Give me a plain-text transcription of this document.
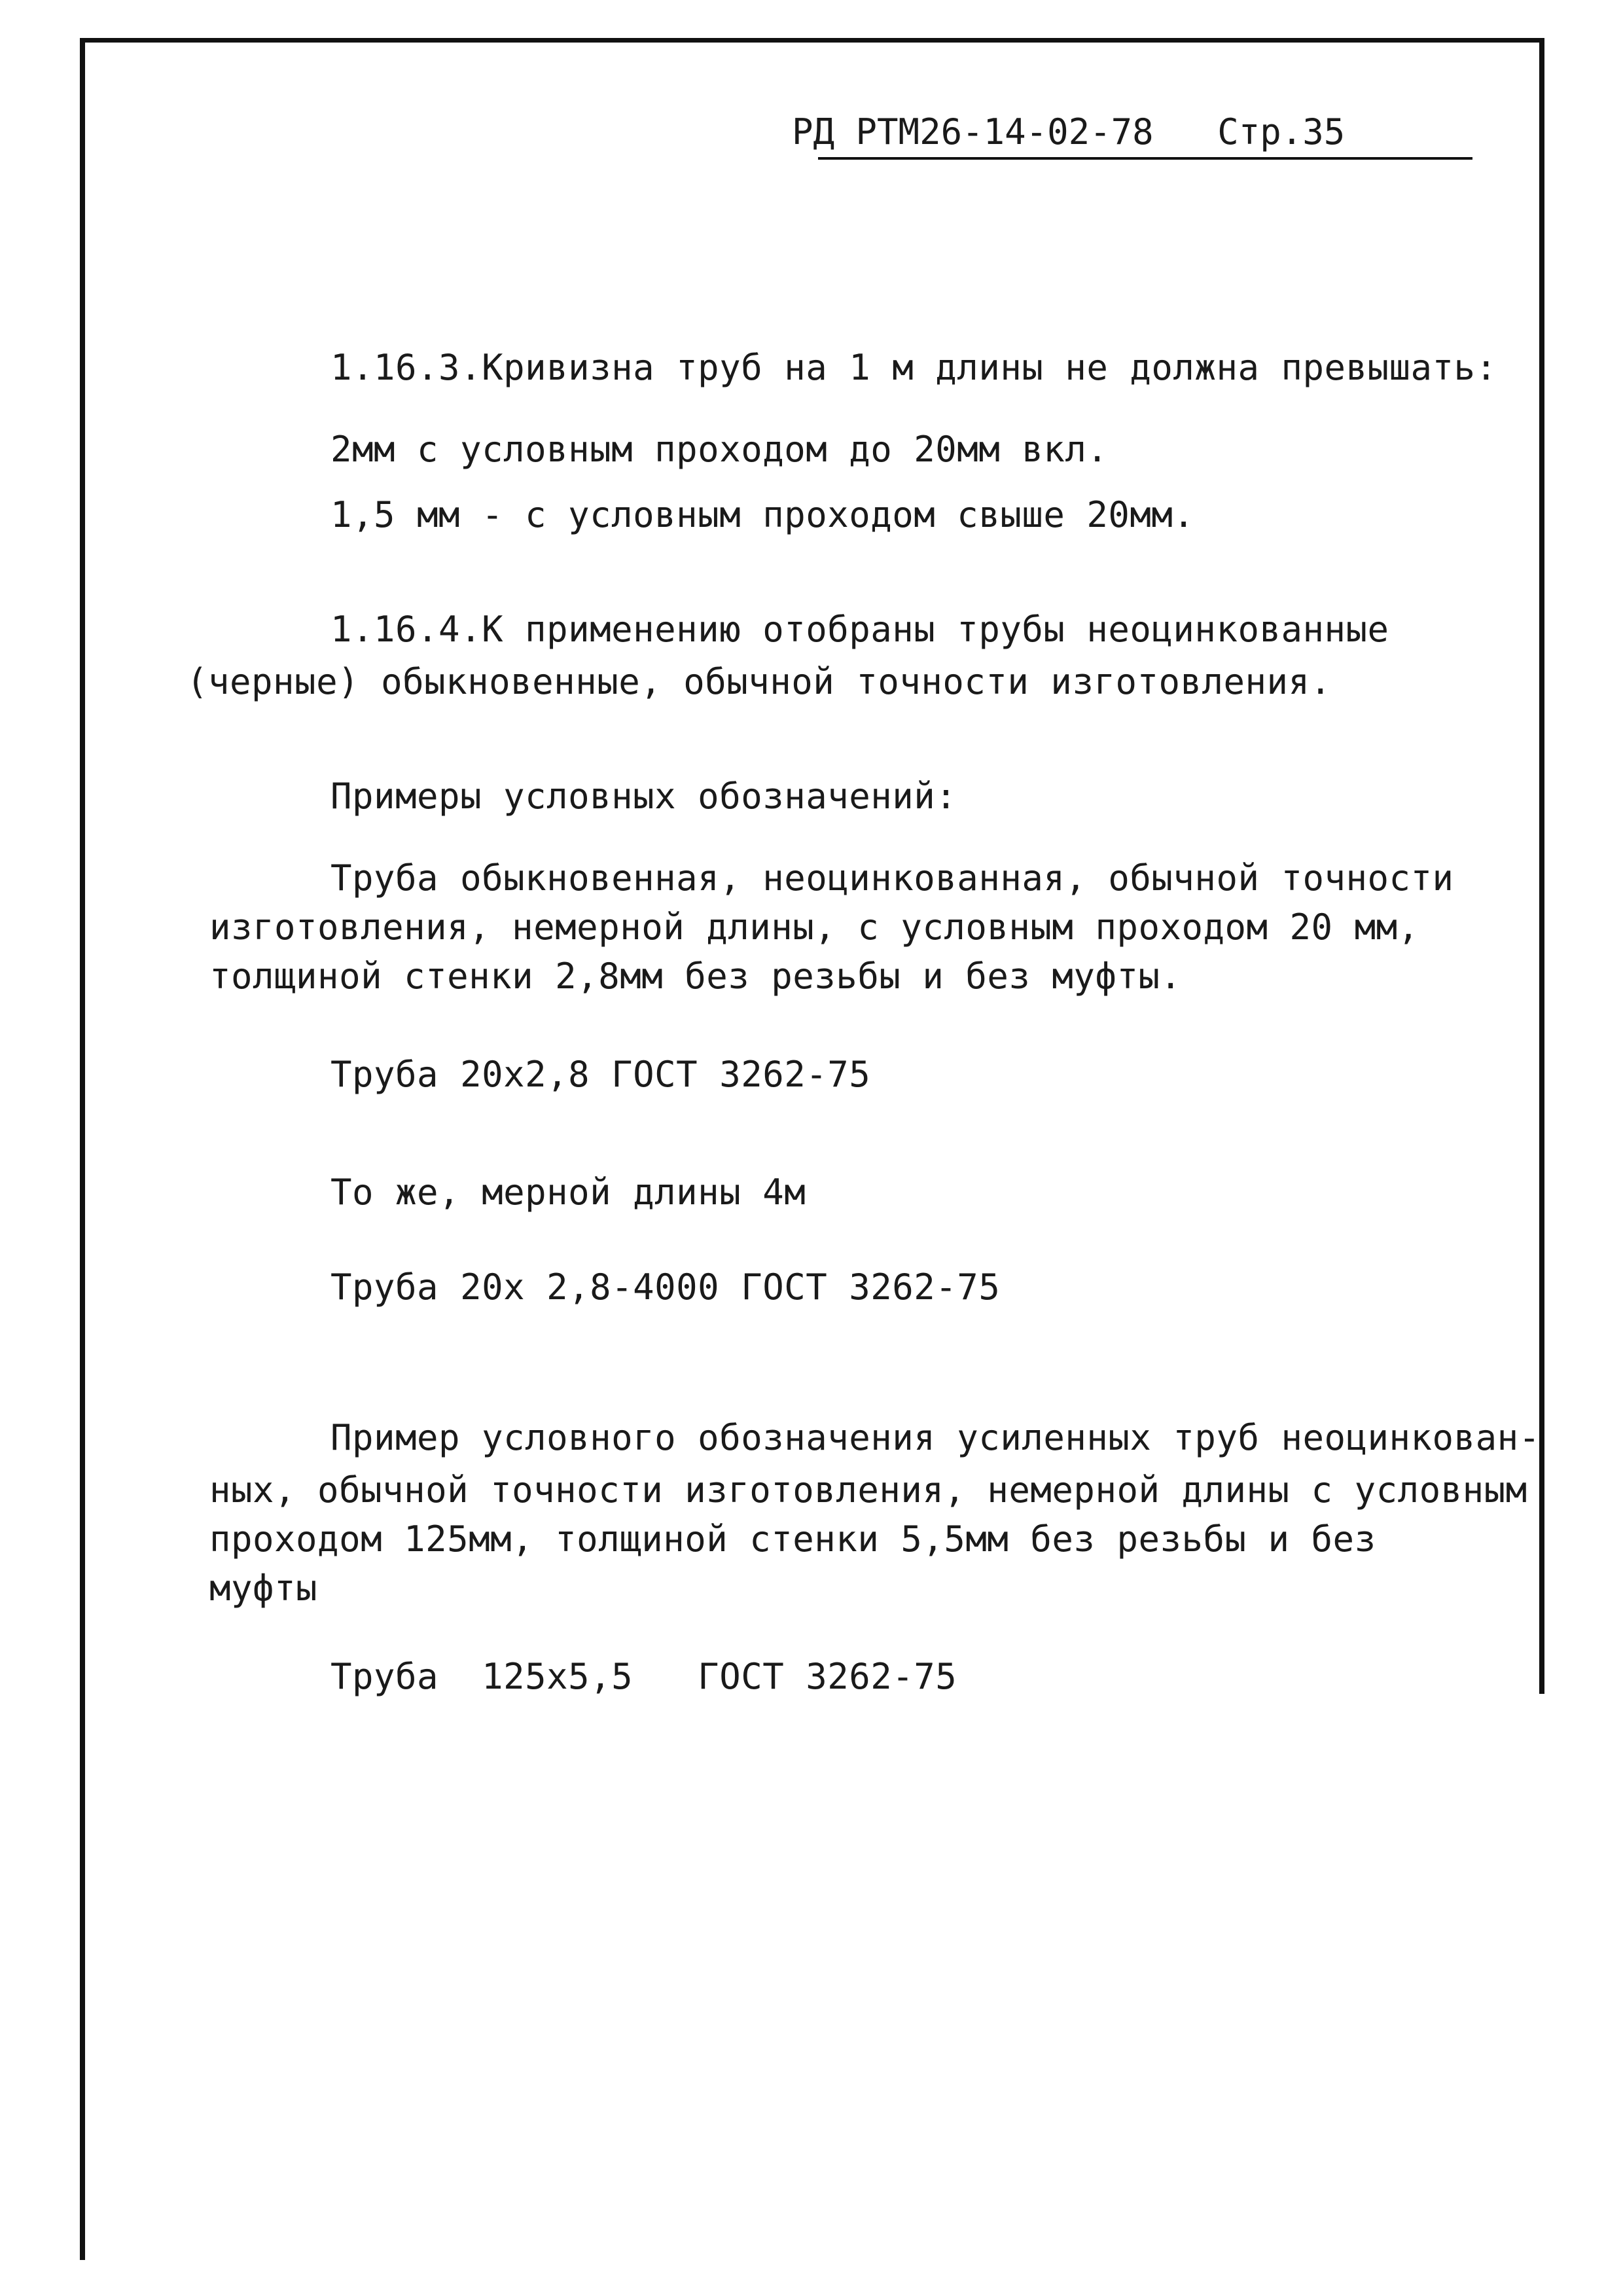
РД РТМ26-14-02-78 Стр.35
1.16.3.Кривизна труб на 1 м длины не должна превышать:
2мм с условным проходом до 20мм вкл.
1,5 мм - с условным проходом свыше 20мм.
1.16.4.К применению отобраны трубы неоцинкованные
(черные) обыкновенные, обычной точности изготовления.
Примеры условных обозначений:
Труба обыкновенная, неоцинкованная, обычной точности
изготовления, немерной длины, с условным проходом 20 мм,
толщиной стенки 2,8мм без резьбы и без муфты.
Труба 20х2,8 ГОСТ 3262-75
То же, мерной длины 4м
Труба 20х 2,8-4000 ГОСТ 3262-75
Пример условного обозначения усиленных труб неоцинкован-
ных, обычной точности изготовления, немерной длины с условным
проходом 125мм, толщиной стенки 5,5мм без резьбы и без
муфты
Труба  125х5,5   ГОСТ 3262-75
